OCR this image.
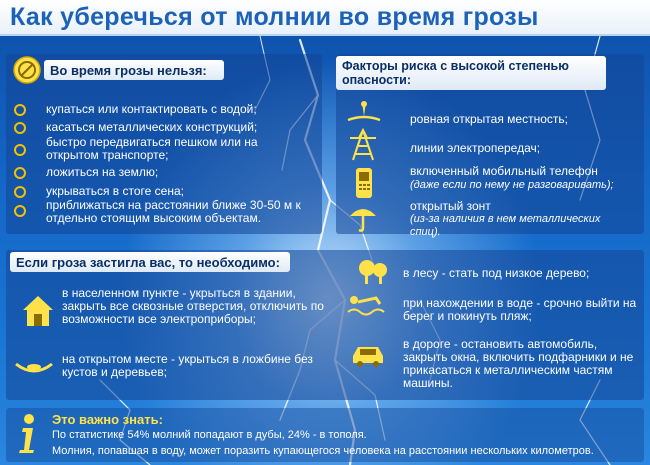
Как уберечься от молнии во время грозы
Во время грозы нельзя:
купаться или контактировать с водой;
касаться металлических конструкций;
быстро передвигаться пешком или на открытом транспорте;
ложиться на землю;
укрываться в стоге сена;
приближаться на расстоянии ближе 30-50 м к отдельно стоящим высоким объектам.
Факторы риска с высокой степенью опасности:
ровная открытая местность;
линии электропередач;
включенный мобильный телефон
(даже если по нему не разговаривать);
открытый зонт
(из-за наличия в нем металлических спиц).
Если гроза застигла вас, то необходимо:
в населенном пункте - укрыться в здании, закрыть все сквозные отверстия, отключить по возможности все электроприборы;
на открытом месте - укрыться в ложбине без кустов и деревьев;
в лесу - стать под низкое дерево;
при нахождении в воде - срочно выйти на берег и покинуть пляж;
в дороге - остановить автомобиль, закрыть окна, включить подфарники и не прикасаться к металлическим частям машины.
Это важно знать:
По статистике 54% молний попадают в дубы, 24% - в тополя.
Молния, попавшая в воду, может поразить купающегося человека на расстоянии нескольких километров.
